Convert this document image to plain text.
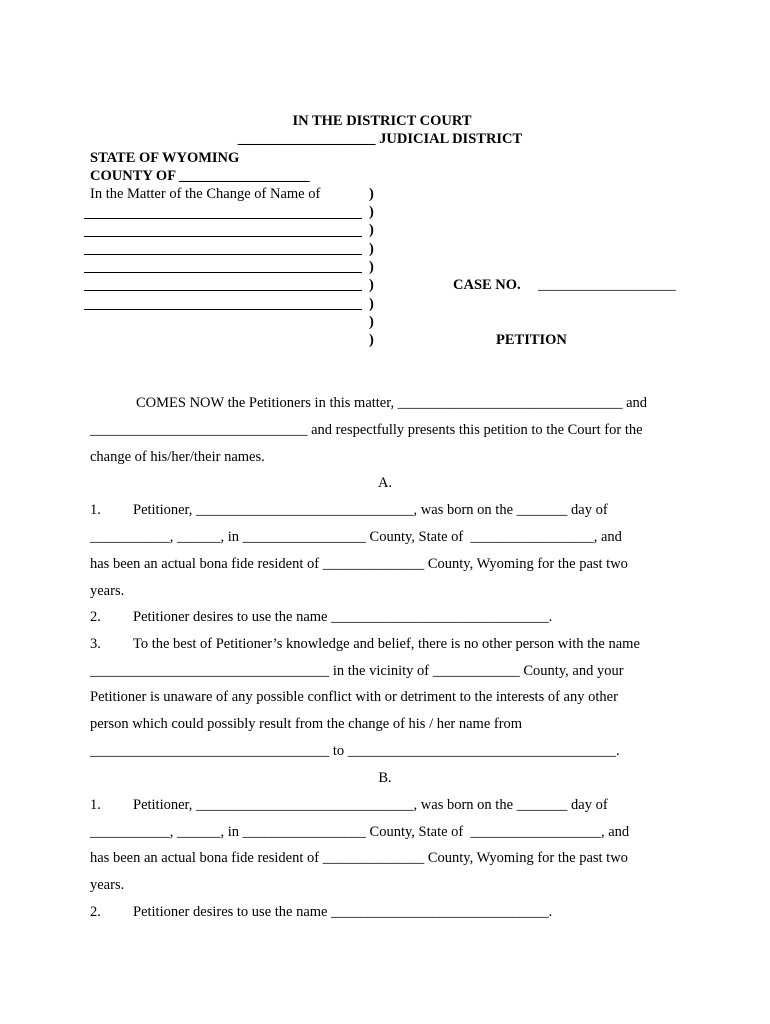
IN THE DISTRICT COURT
___________________ JUDICIAL DISTRICT
STATE OF WYOMING
COUNTY OF __________________
In the Matter of the Change of Name of	)
)
)
)
)
)
)
)
)
CASE NO. ___________________
PETITION
COMES NOW the Petitioners in this matter, _______________________________ and
______________________________ and respectfully presents this petition to the Court for the
change of his/her/their names.
A.
1. Petitioner, ______________________________, was born on the _______ day of
___________, ______, in _________________ County, State of  _________________, and
has been an actual bona fide resident of ______________ County, Wyoming for the past two
years.
2. Petitioner desires to use the name ______________________________.
3. To the best of Petitioner’s knowledge and belief, there is no other person with the name
_________________________________ in the vicinity of ____________ County, and your
Petitioner is unaware of any possible conflict with or detriment to the interests of any other
person which could possibly result from the change of his / her name from
_________________________________ to _____________________________________.
B.
1. Petitioner, ______________________________, was born on the _______ day of
___________, ______, in _________________ County, State of  __________________, and
has been an actual bona fide resident of ______________ County, Wyoming for the past two
years.
2. Petitioner desires to use the name ______________________________.
